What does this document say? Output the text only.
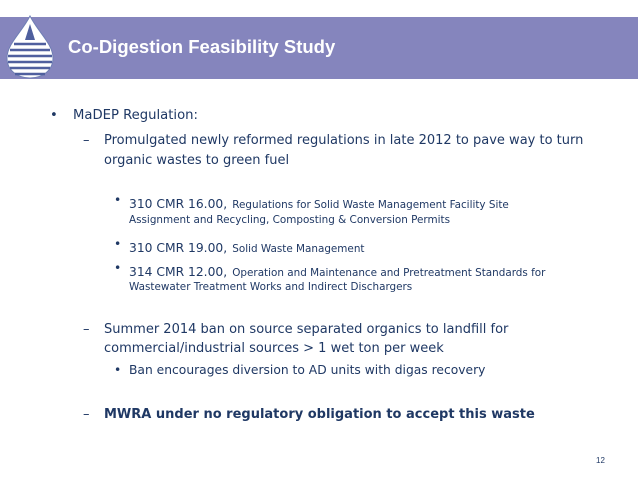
Co-Digestion Feasibility Study
• MaDEP Regulation:
– Promulgated newly reformed regulations in late 2012 to pave way to turn
organic wastes to green fuel
• 310 CMR 16.00, Regulations for Solid Waste Management Facility Site
Assignment and Recycling, Composting & Conversion Permits
• 310 CMR 19.00, Solid Waste Management
• 314 CMR 12.00, Operation and Maintenance and Pretreatment Standards for
Wastewater Treatment Works and Indirect Dischargers
– Summer 2014 ban on source separated organics to landfill for
commercial/industrial sources > 1 wet ton per week
• Ban encourages diversion to AD units with digas recovery
– MWRA under no regulatory obligation to accept this waste
12
